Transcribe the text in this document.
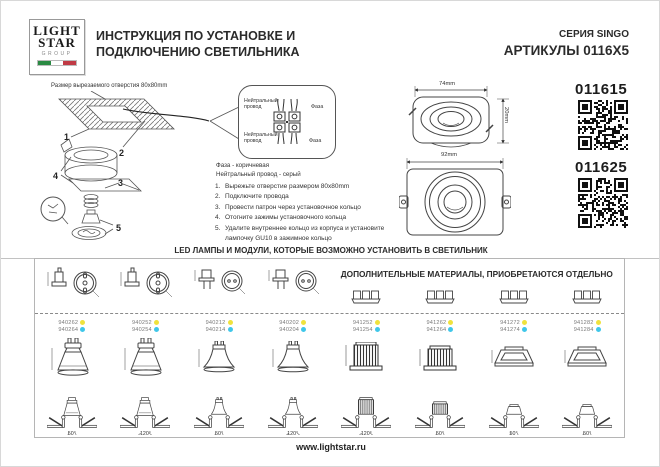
LIGHT
STAR
GROUP
ИНСТРУКЦИЯ ПО УСТАНОВКЕ И
ПОДКЛЮЧЕНИЮ СВЕТИЛЬНИКА
СЕРИЯ SINGO
АРТИКУЛЫ 0116X5
Размер вырезаемого отверстия 80x80mm
1
2
3
4
5
Нейтральный провод	Фаза
Нейтральный провод	Фаза
Фаза - коричневая
Нейтральный провод - серый
1. Вырежьте отверстие размером 80x80mm
2. Подключите провода
3. Провести патрон через установочное кольцо
4. Отогните зажимы установочного кольца
5. Удалите внутреннее кольцо из корпуса и установите лампочку GU10 в зажимное кольцо
74mm
20mm
92mm
011615
011625
LED ЛАМПЫ И МОДУЛИ, КОТОРЫЕ ВОЗМОЖНО УСТАНОВИТЬ В СВЕТИЛЬНИК
ДОПОЛНИТЕЛЬНЫЕ МАТЕРИАЛЫ, ПРИОБРЕТАЮТСЯ ОТДЕЛЬНО
940262
940264
940252
940254
940212
940214
940202
940204
941252
941254
941262
941264
941272
941274
941282
941284
50°	120°	50°	120°	120°	50°	50°	50°
www.lightstar.ru
